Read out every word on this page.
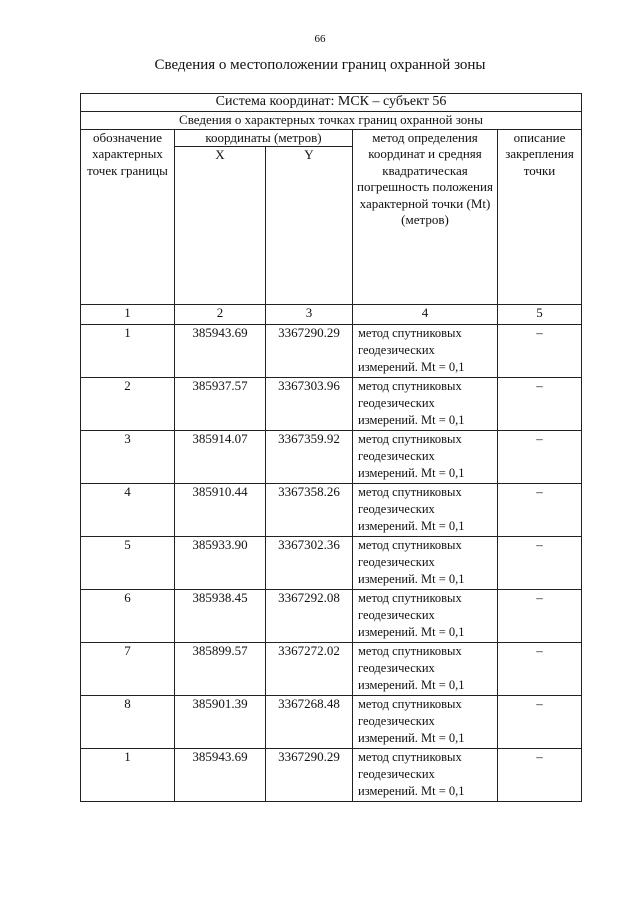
66
Сведения о местоположении границ охранной зоны
Система координат: МСК – субъект 56				
Сведения о характерных точках границ охранной зоны				
обозначение характерных точек границы	координаты (метров)		метод определения координат и средняя квадратическая погрешность положения характерной точки (Mt) (метров)	описание закрепления точки
	X	Y		
1	2	3	4	5
1	385943.69	3367290.29	метод спутниковых геодезических измерений. Mt = 0,1	–
2	385937.57	3367303.96	метод спутниковых геодезических измерений. Mt = 0,1	–
3	385914.07	3367359.92	метод спутниковых геодезических измерений. Mt = 0,1	–
4	385910.44	3367358.26	метод спутниковых геодезических измерений. Mt = 0,1	–
5	385933.90	3367302.36	метод спутниковых геодезических измерений. Mt = 0,1	–
6	385938.45	3367292.08	метод спутниковых геодезических измерений. Mt = 0,1	–
7	385899.57	3367272.02	метод спутниковых геодезических измерений. Mt = 0,1	–
8	385901.39	3367268.48	метод спутниковых геодезических измерений. Mt = 0,1	–
1	385943.69	3367290.29	метод спутниковых геодезических измерений. Mt = 0,1	–
